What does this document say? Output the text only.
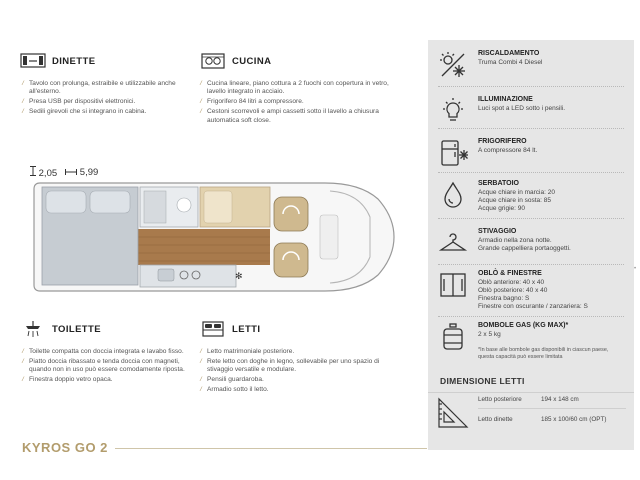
DINETTE
/ Tavolo con prolunga, estraibile e utilizzabile anche all'esterno.
/ Presa USB per dispositivi elettronici.
/ Sedili girevoli che si integrano in cabina.
CUCINA
/ Cucina lineare, piano cottura a 2 fuochi con copertura in vetro, lavello integrato in acciaio.
/ Frigorifero 84 litri a compressore.
/ Cestoni scorrevoli e ampi cassetti sotto il lavello a chiusura automatica soft close.
2,05	5,99
✻
TOILETTE
/ Toilette compatta con doccia integrata e lavabo fisso.
/ Piatto doccia ribassato e tenda doccia con magneti, quando non in uso può essere comodamente riposta.
/ Finestra doppio vetro opaca.
LETTI
/ Letto matrimoniale posteriore.
/ Rete letto con doghe in legno, sollevabile per uno spazio di stivaggio versatile e modulare.
/ Pensili guardaroba.
/ Armadio sotto il letto.
RISCALDAMENTO
Truma Combi 4 Diesel
ILLUMINAZIONE
Luci spot a LED sotto i pensili.
FRIGORIFERO
A compressore 84 lt.
SERBATOIO
Acque chiare in marcia: 20
Acque chiare in sosta: 85
Acque grigie: 90
STIVAGGIO
Armadio nella zona notte.
Grande cappelliera portaoggetti.
OBLÒ & FINESTRE
Oblò anteriore: 40 x 40
Oblò posteriore: 40 x 40
Finestra bagno: S
Finestre con oscurante / zanzariera: S
BOMBOLE GAS (KG MAX)*
2 x 5 kg
*In base alle bombole gas disponibili in ciascun paese, questa capacità può essere limitata
DIMENSIONE LETTI
Letto posteriore	194 x 148 cm
Letto dinette	185 x 100/60 cm (OPT)
KYROS GO 2
•
